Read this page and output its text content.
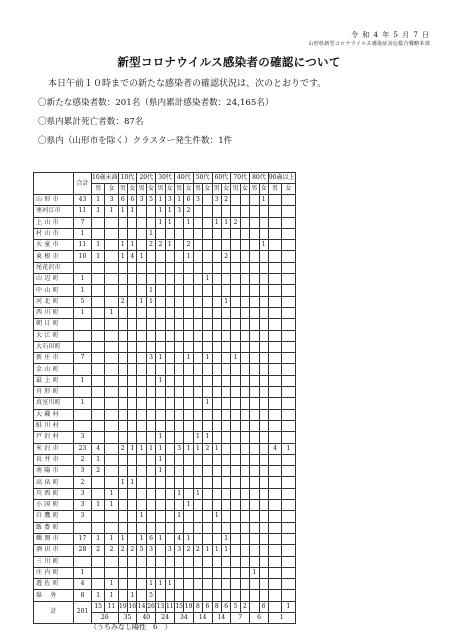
令 和 4 年 5 月 7 日
山形県新型コロナウイルス感染症対応総合戦略本部
新型コロナウイルス感染者の確認について
本日午前１０時までの新たな感染者の確認状況は、次のとおりです。
〇新たな感染者数：201名（県内累計感染者数：24,165名）
〇県内累計死亡者数：87名
〇県内（山形市を除く）クラスター発生件数：1件
	合計	10歳未満		10代		20代		30代		40代		50代		60代		70代		80代		90歳以上	
		男	女	男	女	男	女	男	女	男	女	男	女	男	女	男	女	男	女	男	女
山 形 市	43	1	3	6	6	3	5	1	3	1	6	3		3	2				1		
寒河江市	11	1	1	1	1			1	1	3	2										
上 山 市	7							1	1		1			1	1	2					
村 山 市	1						1														
天 童 市	11	1		1	1		2	2	1		2								1		
東 根 市	10	1		1	4	1					1				2						
尾花沢市																					
山 辺 町	1												1								
中 山 町	1						1														
河 北 町	5			2		1	1								1						
西 川 町	1		1																		
朝 日 町																					
大 江 町																					
大石田町																					
新 庄 市	7						3	1			1		1			1					
金 山 町																					
最 上 町	1							1													
舟 形 町																					
真室川町	1												1								
大 蔵 村																					
鮭 川 村																					
戸 沢 村	3							1				1	1								
米 沢 市	23	4		2	1	1	1	1		3	1	1	2	1						4	1
長 井 市	2	1						1													
南 陽 市	3	2						1													
高 畠 町	2			1	1																
川 西 町	3		1							1		1									
小 国 町	3	1	1								1										
白 鷹 町	3					1				1				1							
飯 豊 町																					
鶴 岡 市	17	1	1	1		1	6	1		4	1				1						
酒 田 市	28	2	2	2	2	5	3		3	3	2	2	1	1	1						
三 川 町																					
庄 内 町	1																	1			
遊 佐 町	4		1				1	1	1												
県　 外	8	1	1		1		5														
計	201	15	11	19	16	14	26	13	11	15	19	8	6	8	6	5	2		6		1
		26		35		40		24		34		14		14		7		6		1	
（うちみなし陽性　6　）
